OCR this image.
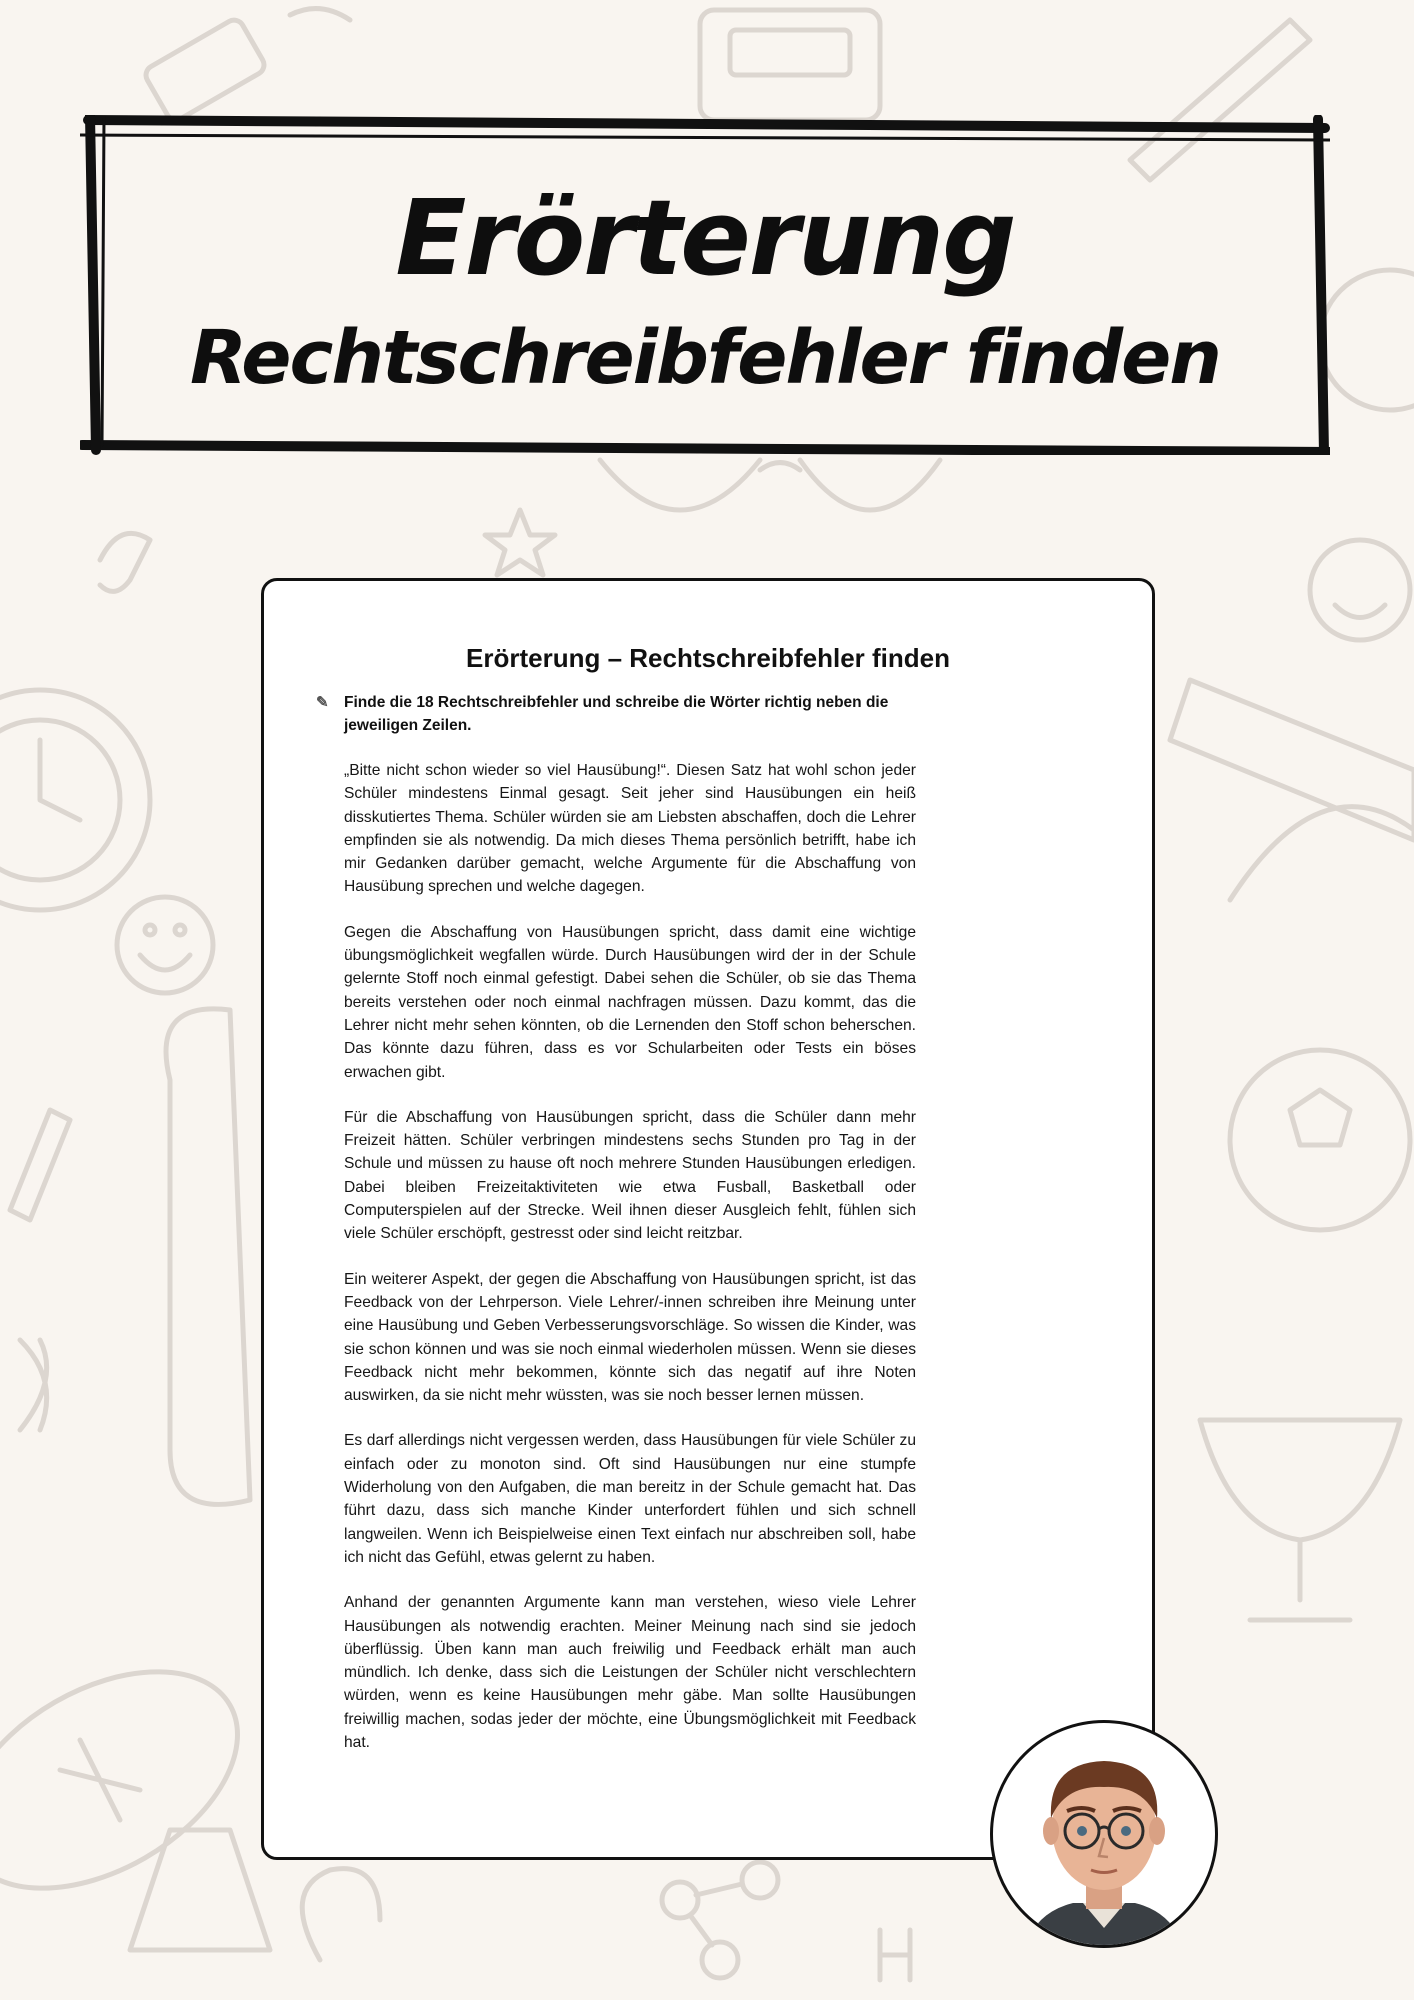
Erörterung
Rechtschreibfehler finden
Erörterung – Rechtschreibfehler finden
✎ Finde die 18 Rechtschreibfehler und schreibe die Wörter richtig neben die jeweiligen Zeilen.

„Bitte nicht schon wieder so viel Hausübung!“. Diesen Satz hat wohl schon jeder Schüler mindestens Einmal gesagt. Seit jeher sind Hausübungen ein heiß disskutiertes Thema. Schüler würden sie am Liebsten abschaffen, doch die Lehrer empfinden sie als notwendig. Da mich dieses Thema persönlich betrifft, habe ich mir Gedanken darüber gemacht, welche Argumente für die Abschaffung von Hausübung sprechen und welche dagegen.

Gegen die Abschaffung von Hausübungen spricht, dass damit eine wichtige übungsmöglichkeit wegfallen würde. Durch Hausübungen wird der in der Schule gelernte Stoff noch einmal gefestigt. Dabei sehen die Schüler, ob sie das Thema bereits verstehen oder noch einmal nachfragen müssen. Dazu kommt, das die Lehrer nicht mehr sehen könnten, ob die Lernenden den Stoff schon beherschen. Das könnte dazu führen, dass es vor Schularbeiten oder Tests ein böses erwachen gibt.

Für die Abschaffung von Hausübungen spricht, dass die Schüler dann mehr Freizeit hätten. Schüler verbringen mindestens sechs Stunden pro Tag in der Schule und müssen zu hause oft noch mehrere Stunden Hausübungen erledigen. Dabei bleiben Freizeitaktiviteten wie etwa Fusball, Basketball oder Computerspielen auf der Strecke. Weil ihnen dieser Ausgleich fehlt, fühlen sich viele Schüler erschöpft, gestresst oder sind leicht reitzbar.

Ein weiterer Aspekt, der gegen die Abschaffung von Hausübungen spricht, ist das Feedback von der Lehrperson. Viele Lehrer/-innen schreiben ihre Meinung unter eine Hausübung und Geben Verbesserungsvorschläge. So wissen die Kinder, was sie schon können und was sie noch einmal wiederholen müssen. Wenn sie dieses Feedback nicht mehr bekommen, könnte sich das negatif auf ihre Noten auswirken, da sie nicht mehr wüssten, was sie noch besser lernen müssen.

Es darf allerdings nicht vergessen werden, dass Hausübungen für viele Schüler zu einfach oder zu monoton sind. Oft sind Hausübungen nur eine stumpfe Widerholung von den Aufgaben, die man bereitz in der Schule gemacht hat. Das führt dazu, dass sich manche Kinder unterfordert fühlen und sich schnell langweilen. Wenn ich Beispielweise einen Text einfach nur abschreiben soll, habe ich nicht das Gefühl, etwas gelernt zu haben.

Anhand der genannten Argumente kann man verstehen, wieso viele Lehrer Hausübungen als notwendig erachten. Meiner Meinung nach sind sie jedoch überflüssig. Üben kann man auch freiwilig und Feedback erhält man auch mündlich. Ich denke, dass sich die Leistungen der Schüler nicht verschlechtern würden, wenn es keine Hausübungen mehr gäbe. Man sollte Hausübungen freiwillig machen, sodas jeder der möchte, eine Übungsmöglichkeit mit Feedback hat.
